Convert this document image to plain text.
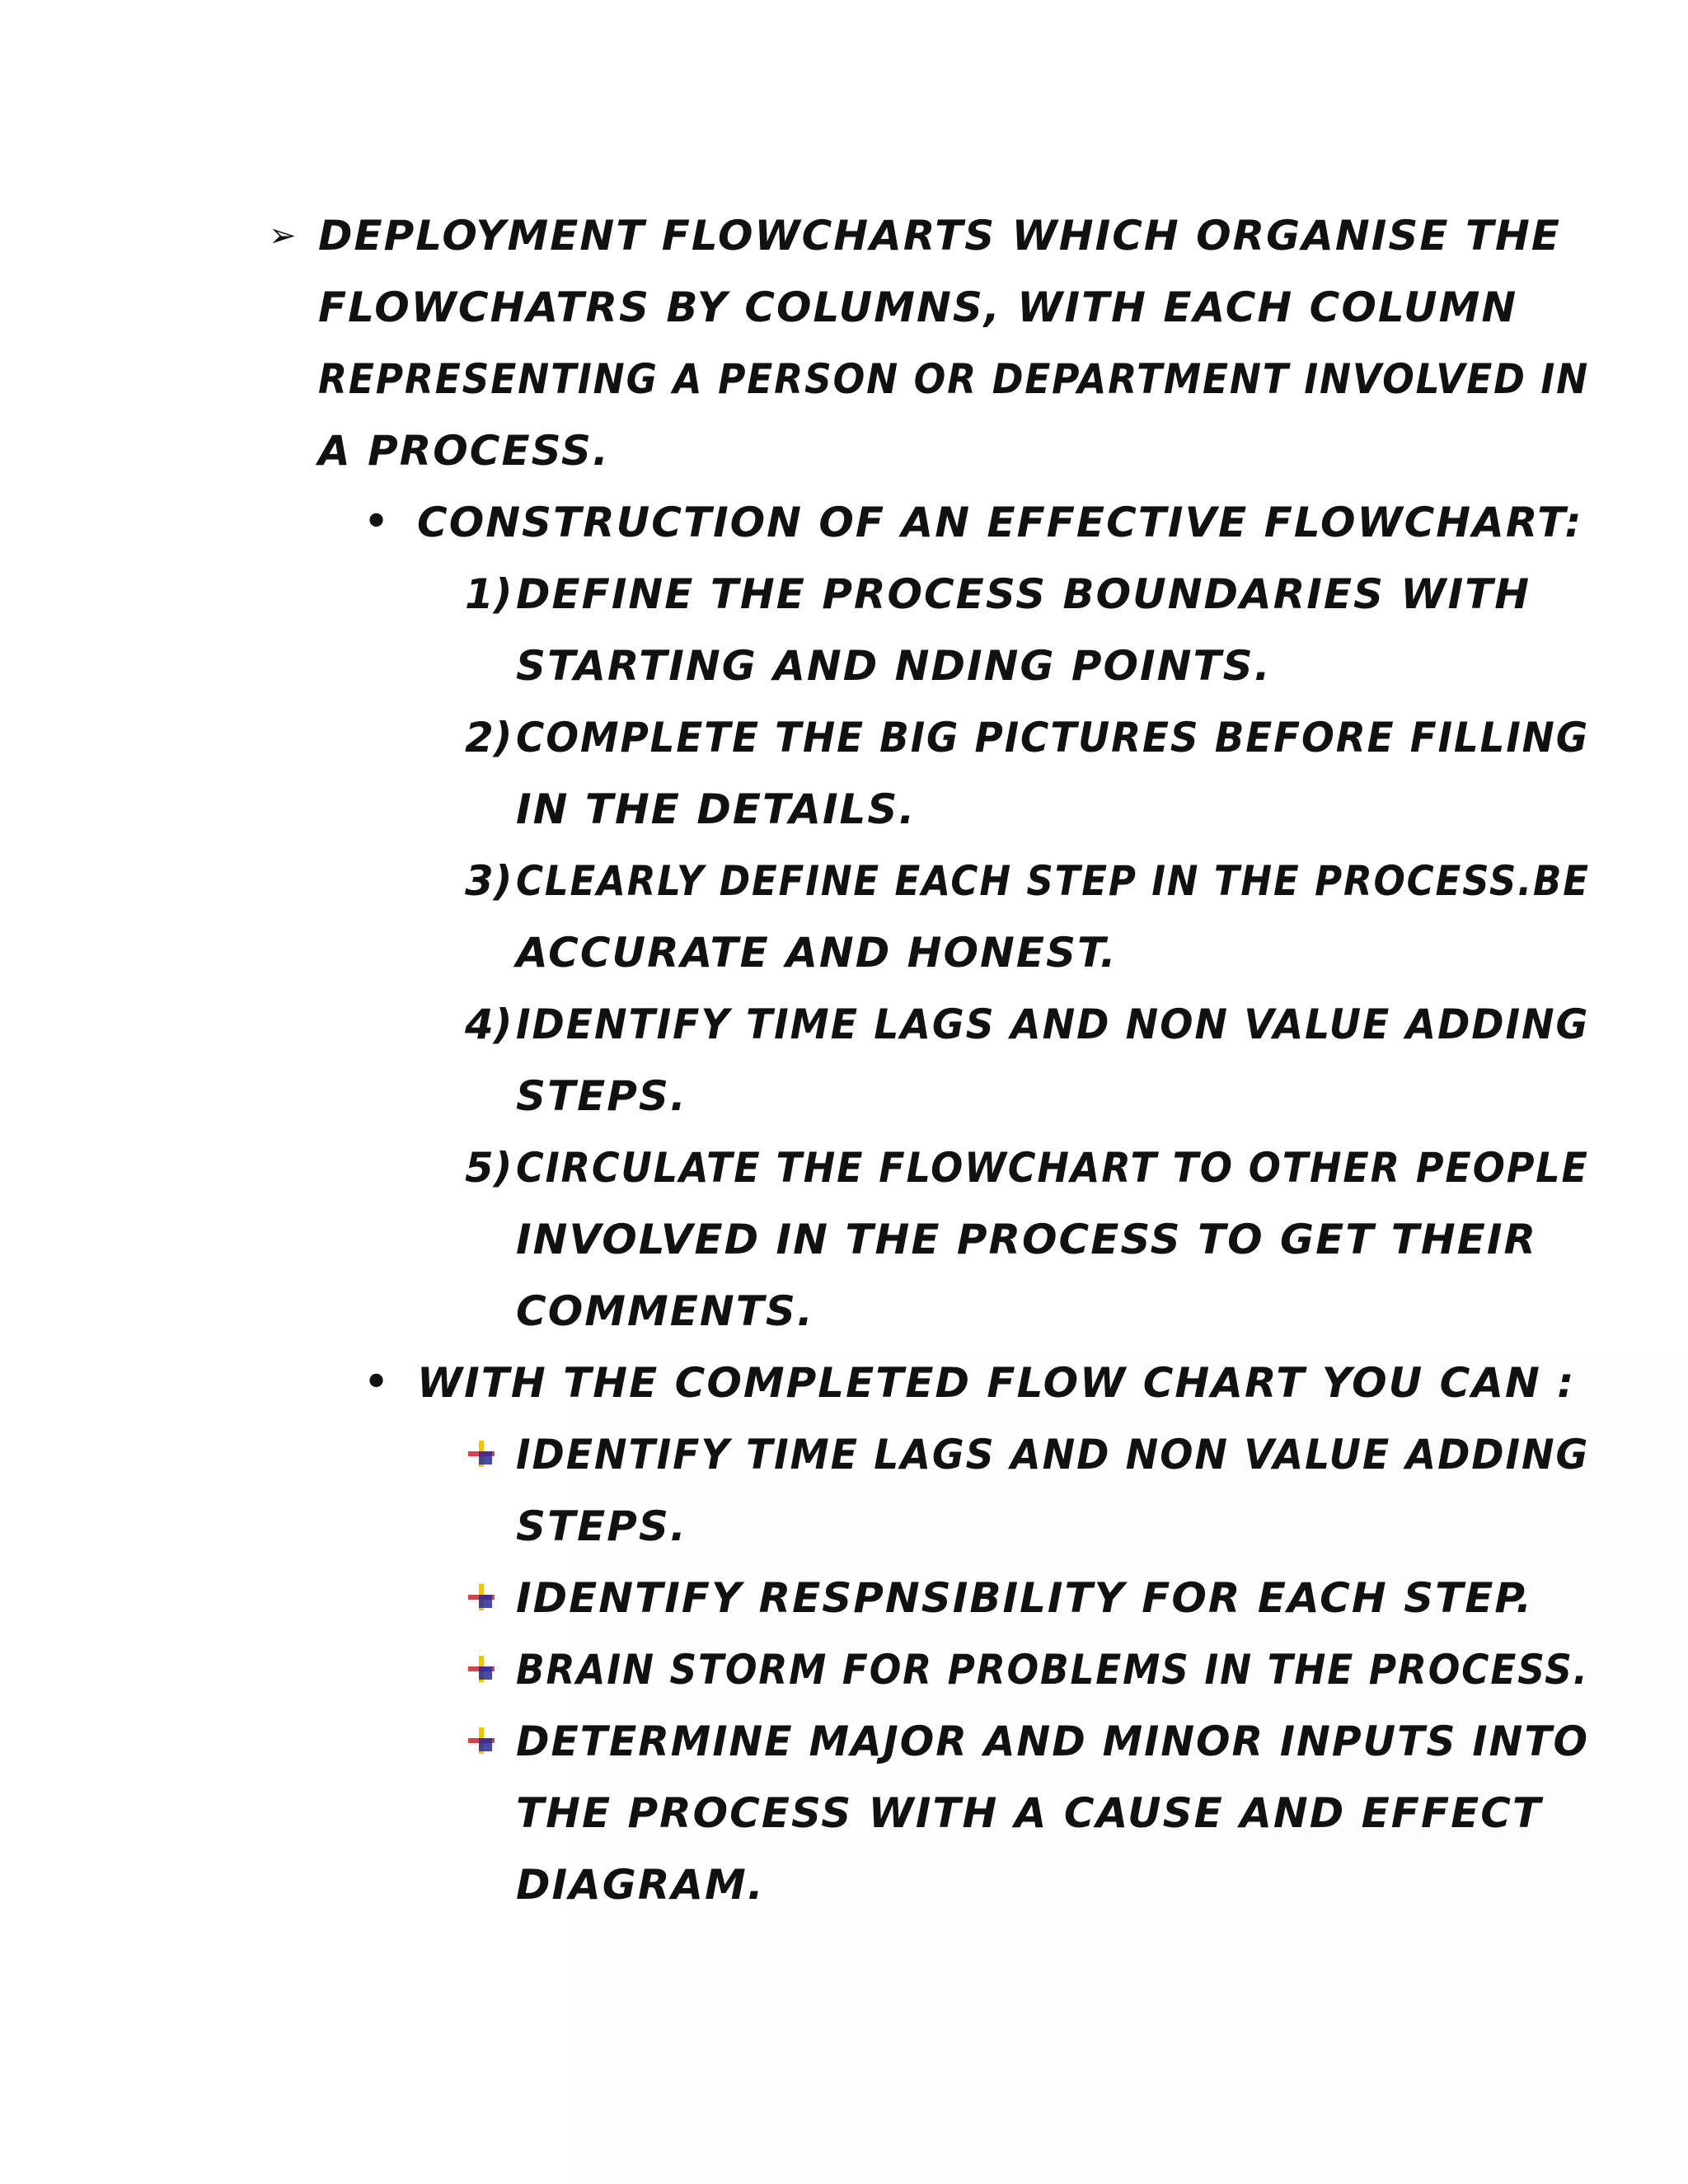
➢ DEPLOYMENT FLOWCHARTS WHICH ORGANISE THE
FLOWCHATRS BY COLUMNS, WITH EACH COLUMN
REPRESENTING A PERSON OR DEPARTMENT INVOLVED IN
A PROCESS.
• CONSTRUCTION OF AN EFFECTIVE FLOWCHART:
1) DEFINE THE PROCESS BOUNDARIES WITH
STARTING AND NDING POINTS.
2) COMPLETE THE BIG PICTURES BEFORE FILLING
IN THE DETAILS.
3) CLEARLY DEFINE EACH STEP IN THE PROCESS.BE
ACCURATE AND HONEST.
4) IDENTIFY TIME LAGS AND NON VALUE ADDING
STEPS.
5) CIRCULATE THE FLOWCHART TO OTHER PEOPLE
INVOLVED IN THE PROCESS TO GET THEIR
COMMENTS.
• WITH THE COMPLETED FLOW CHART YOU CAN :
IDENTIFY TIME LAGS AND NON VALUE ADDING
STEPS.
IDENTIFY RESPNSIBILITY FOR EACH STEP.
BRAIN STORM FOR PROBLEMS IN THE PROCESS.
DETERMINE MAJOR AND MINOR INPUTS INTO
THE PROCESS WITH A CAUSE AND EFFECT
DIAGRAM.
